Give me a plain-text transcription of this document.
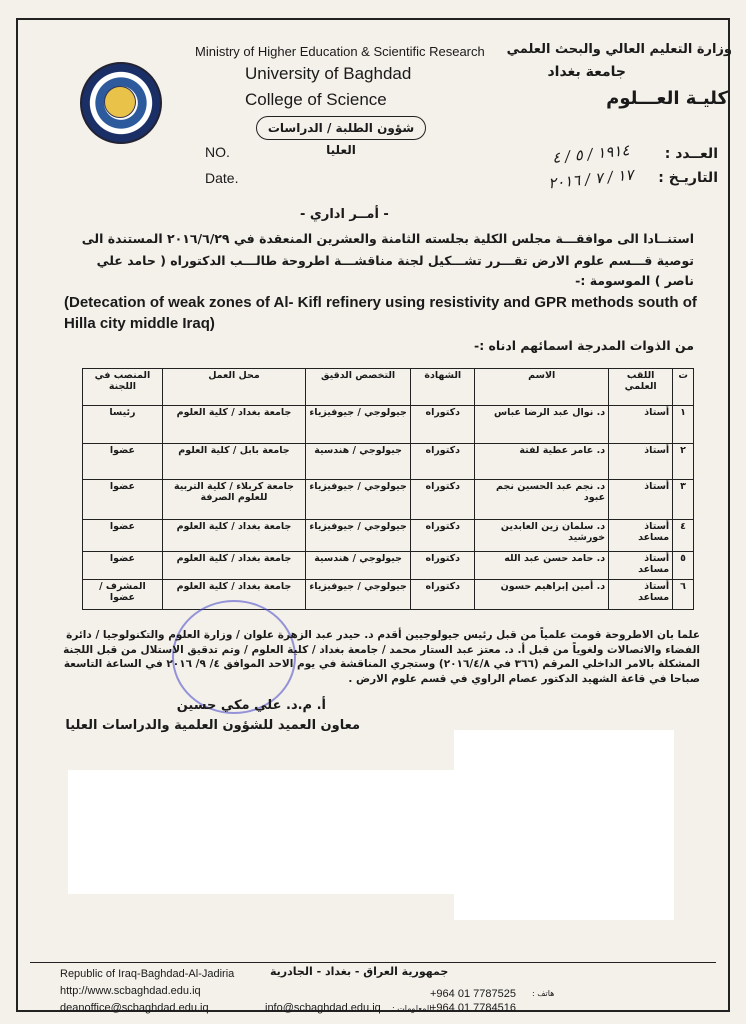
Ministry of Higher Education & Scientific Research
University of Baghdad
College of Science
وزارة التعليم العالي والبحث العلمي
جامعة بغداد
كليـة العـــلوم
شؤون الطلبة / الدراسات العليا
NO.
Date.
العــدد :
التاريـخ :
١٩١٤ / ٥ / ٤
١٧ / ٧ / ٢٠١٦
- أمــر اداري -
استنــادا الى موافقـــة مجلس الكلية بجلسته الثامنة والعشرين المنعقدة في ٢٠١٦/٦/٢٩ المستندة الى
توصية قـــسم علوم الارض تقـــرر تشـــكيل لجنة مناقشـــة اطروحة طالـــب الدكتوراه ( حامد علي
ناصر ) الموسومة :-
(Detecation of weak zones of Al- Kifl refinery using resistivity and GPR methods south of Hilla city middle Iraq)
من الذوات المدرجة اسمائهم ادناه :-
ت	اللقب العلمي	الاسم	الشهادة	التخصص الدقيق	محل العمل	المنصب في اللجنة
١	أستاذ	د. نوال عبد الرضا عباس	دكتوراه	جيولوجي / جيوفيزياء	جامعة بغداد / كلية العلوم	رئيسا
٢	أستاذ	د. عامر عطية لفتة	دكتوراه	جيولوجي / هندسية	جامعة بابل / كلية العلوم	عضوا
٣	أستاذ	د. نجم عبد الحسين نجم عبود	دكتوراه	جيولوجي / جيوفيزياء	جامعة كربلاء / كلية التربية للعلوم الصرفة	عضوا
٤	أستاذ مساعد	د. سلمان زين العابدين خورشيد	دكتوراه	جيولوجي / جيوفيزياء	جامعة بغداد / كلية العلوم	عضوا
٥	أستاذ مساعد	د. حامد حسن عبد الله	دكتوراه	جيولوجي / هندسية	جامعة بغداد / كلية العلوم	عضوا
٦	أستاذ مساعد	د. أمين إبراهيم حسون	دكتوراه	جيولوجي / جيوفيزياء	جامعة بغداد / كلية العلوم	المشرف / عضوا
علما بان الاطروحة قومت علمياً من قبل رئيس جيولوجيين أقدم د. حيدر عبد الزهرة علوان / وزارة العلوم والتكنولوجيا / دائرة الفضاء والاتصالات ولغوياً من قبل أ. د. معتز عبد الستار محمد / جامعة بغداد / كلية العلوم / وتم تدقيق الاستلال من قبل اللجنة المشكلة بالامر الداخلي المرقم (٣٦٦ في ٢٠١٦/٤/٨) وستجري المناقشة في يوم الاحد الموافق ٤/ ٩/ ٢٠١٦ في الساعة التاسعة صباحا في قاعة الشهيد الدكتور عصام الراوي في قسم علوم الارض .
أ. م.د. علي مكي حسين
معاون العميد للشؤون العلمية والدراسات العليا
Republic of Iraq-Baghdad-Al-Jadiria
http://www.scbaghdad.edu.iq
deanoffice@scbaghdad.edu.iq
جمهورية العراق - بغداد - الجادرية
info@scbaghdad.edu.iq المعلومات :
+964 01 7787525
+964 01 7784516
هاتف :
